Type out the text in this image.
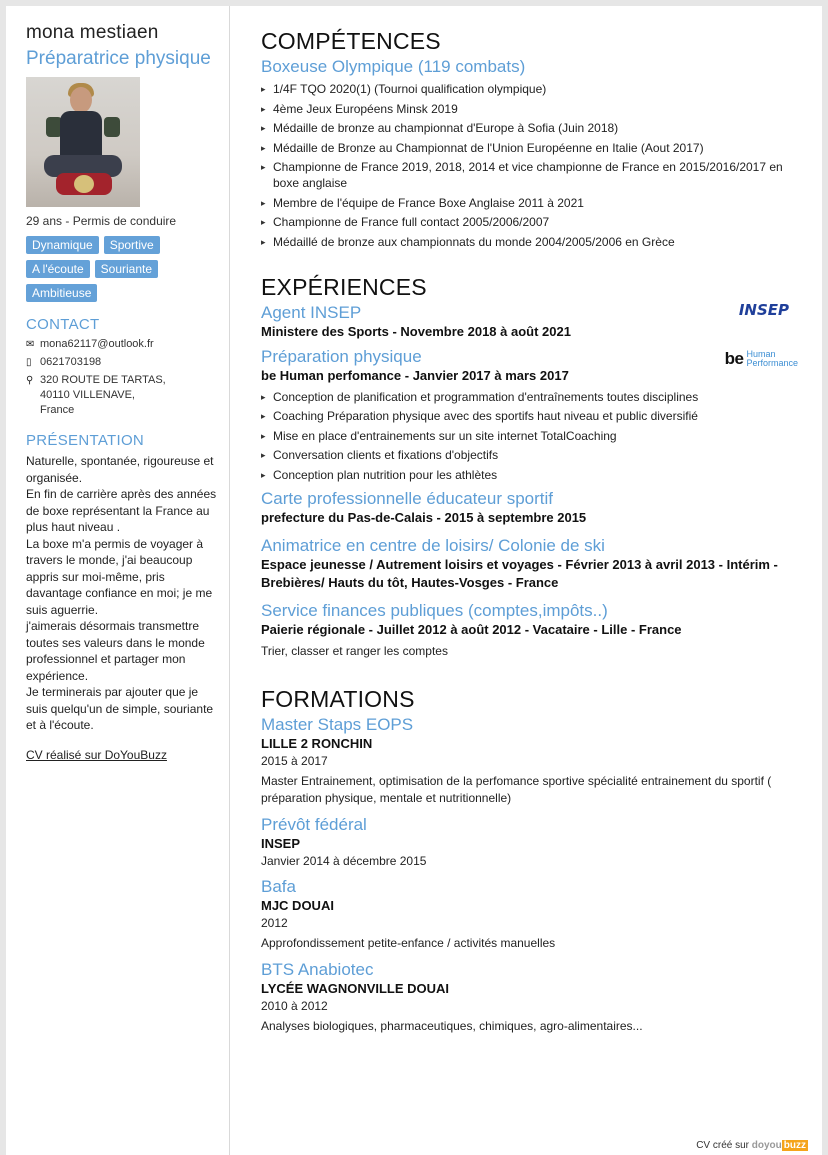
mona mestiaen
Préparatrice physique
29 ans - Permis de conduire
Dynamique	Sportive
A l'écoute	Souriante
Ambitieuse
CONTACT
✉ mona62117@outlook.fr
▯ 0621703198
⚲ 320 ROUTE DE TARTAS,
40110 VILLENAVE,
France
PRÉSENTATION

Naturelle, spontanée, rigoureuse et organisée.

En fin de carrière après des années de boxe représentant la France au plus haut niveau .

La boxe m'a permis de voyager à travers le monde, j'ai beaucoup appris sur moi-même, pris davantage confiance en moi; je me suis aguerrie.

j'aimerais désormais transmettre toutes ses valeurs dans le monde professionnel et partager mon expérience.

Je terminerais par ajouter que je suis quelqu'un de simple, souriante et à l'écoute.

CV réalisé sur DoYouBuzz
COMPÉTENCES
Boxeuse Olympique (119 combats)
▸ 1/4F TQO 2020(1) (Tournoi qualification olympique)
▸ 4ème Jeux Européens Minsk 2019
▸ Médaille de bronze au championnat d'Europe à Sofia (Juin 2018)
▸ Médaille de Bronze au Championnat de l'Union Européenne en Italie (Aout 2017)
▸ Championne de France 2019, 2018, 2014 et vice championne de France en 2015/2016/2017 en boxe anglaise
▸ Membre de l'équipe de France Boxe Anglaise 2011 à 2021
▸ Championne de France full contact 2005/2006/2007
▸ Médaillé de bronze aux championnats du monde 2004/2005/2006 en Grèce
EXPÉRIENCES
INSEP
Agent INSEP
Ministere des Sports - Novembre 2018 à août 2021
be Human
Performance
Préparation physique
be Human perfomance - Janvier 2017 à mars 2017
▸ Conception de planification et programmation d'entraînements toutes disciplines
▸ Coaching Préparation physique avec des sportifs haut niveau et public diversifié
▸ Mise en place d'entrainements sur un site internet TotalCoaching
▸ Conversation clients et fixations d'objectifs
▸ Conception plan nutrition pour les athlètes
Carte professionnelle éducateur sportif
prefecture du Pas-de-Calais - 2015 à septembre 2015
Animatrice en centre de loisirs/ Colonie de ski
Espace jeunesse / Autrement loisirs et voyages - Février 2013 à avril 2013 - Intérim - Brebières/ Hauts du tôt, Hautes-Vosges - France
Service finances publiques (comptes,impôts..)
Paierie régionale - Juillet 2012 à août 2012 - Vacataire - Lille - France
Trier, classer et ranger les comptes
FORMATIONS
Master Staps EOPS
LILLE 2 RONCHIN
2015 à 2017
Master Entrainement, optimisation de la perfomance sportive spécialité entrainement du sportif ( préparation physique, mentale et nutritionnelle)
Prévôt fédéral
INSEP
Janvier 2014 à décembre 2015
Bafa
MJC DOUAI
2012
Approfondissement petite-enfance / activités manuelles
BTS Anabiotec
LYCÉE WAGNONVILLE DOUAI
2010 à 2012
Analyses biologiques, pharmaceutiques, chimiques, agro-alimentaires...
CV créé sur doyou buzz
